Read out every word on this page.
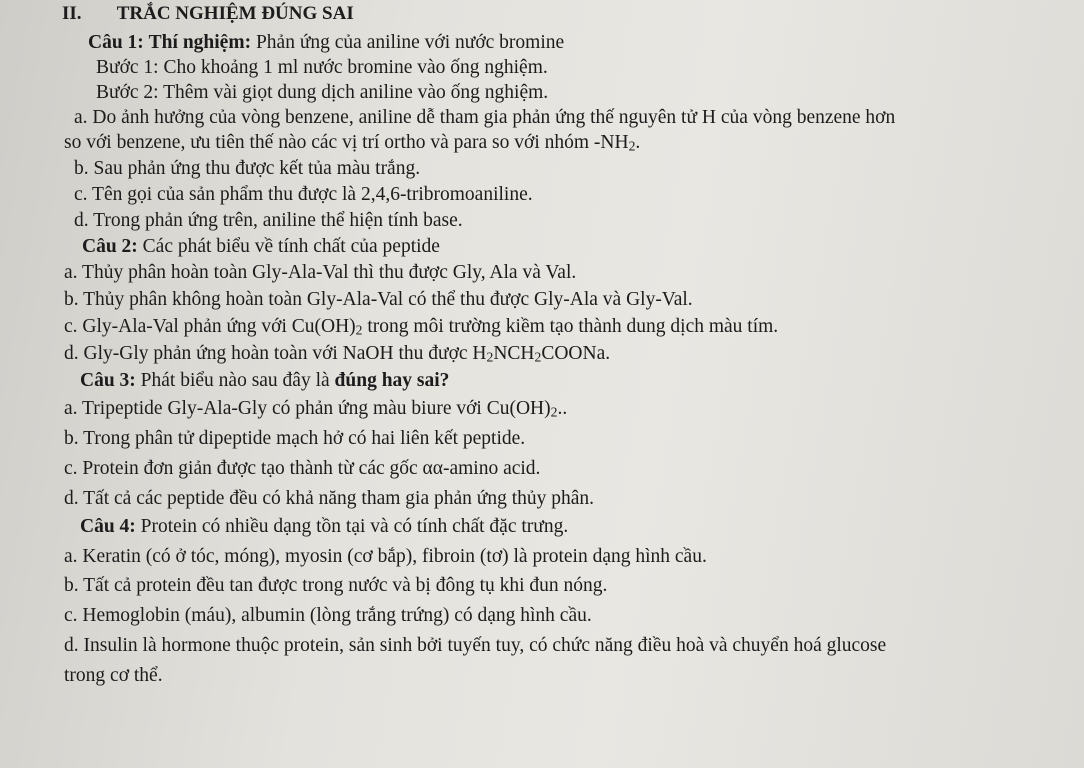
II. TRẮC NGHIỆM ĐÚNG SAI
Câu 1: Thí nghiệm: Phản ứng của aniline với nước bromine
Bước 1: Cho khoảng 1 ml nước bromine vào ống nghiệm.
Bước 2: Thêm vài giọt dung dịch aniline vào ống nghiệm.
a. Do ảnh hưởng của vòng benzene, aniline dễ tham gia phản ứng thế nguyên tử H của vòng benzene hơn
so với benzene, ưu tiên thế nào các vị trí ortho và para so với nhóm $-NH_2$.
b. Sau phản ứng thu được kết tủa màu trắng.
c. Tên gọi của sản phẩm thu được là 2,4,6-tribromoaniline.
d. Trong phản ứng trên, aniline thể hiện tính base.
Câu 2: Các phát biểu về tính chất của peptide
a. Thủy phân hoàn toàn Gly-Ala-Val thì thu được Gly, Ala và Val.
b. Thủy phân không hoàn toàn Gly-Ala-Val có thể thu được Gly-Ala và Gly-Val.
c. Gly-Ala-Val phản ứng với $Cu(OH)_2$ trong môi trường kiềm tạo thành dung dịch màu tím.
d. Gly-Gly phản ứng hoàn toàn với NaOH thu được $H_2NCH_2COONa$.
Câu 3: Phát biểu nào sau đây là đúng hay sai?
a. Tripeptide Gly-Ala-Gly có phản ứng màu biure với $Cu(OH)_2$..
b. Trong phân tử dipeptide mạch hở có hai liên kết peptide.
c. Protein đơn giản được tạo thành từ các gốc αα-amino acid.
d. Tất cả các peptide đều có khả năng tham gia phản ứng thủy phân.
Câu 4: Protein có nhiều dạng tồn tại và có tính chất đặc trưng.
a. Keratin (có ở tóc, móng), myosin (cơ bắp), fibroin (tơ) là protein dạng hình cầu.
b. Tất cả protein đều tan được trong nước và bị đông tụ khi đun nóng.
c. Hemoglobin (máu), albumin (lòng trắng trứng) có dạng hình cầu.
d. Insulin là hormone thuộc protein, sản sinh bởi tuyến tuy, có chức năng điều hoà và chuyển hoá glucose
trong cơ thể.
